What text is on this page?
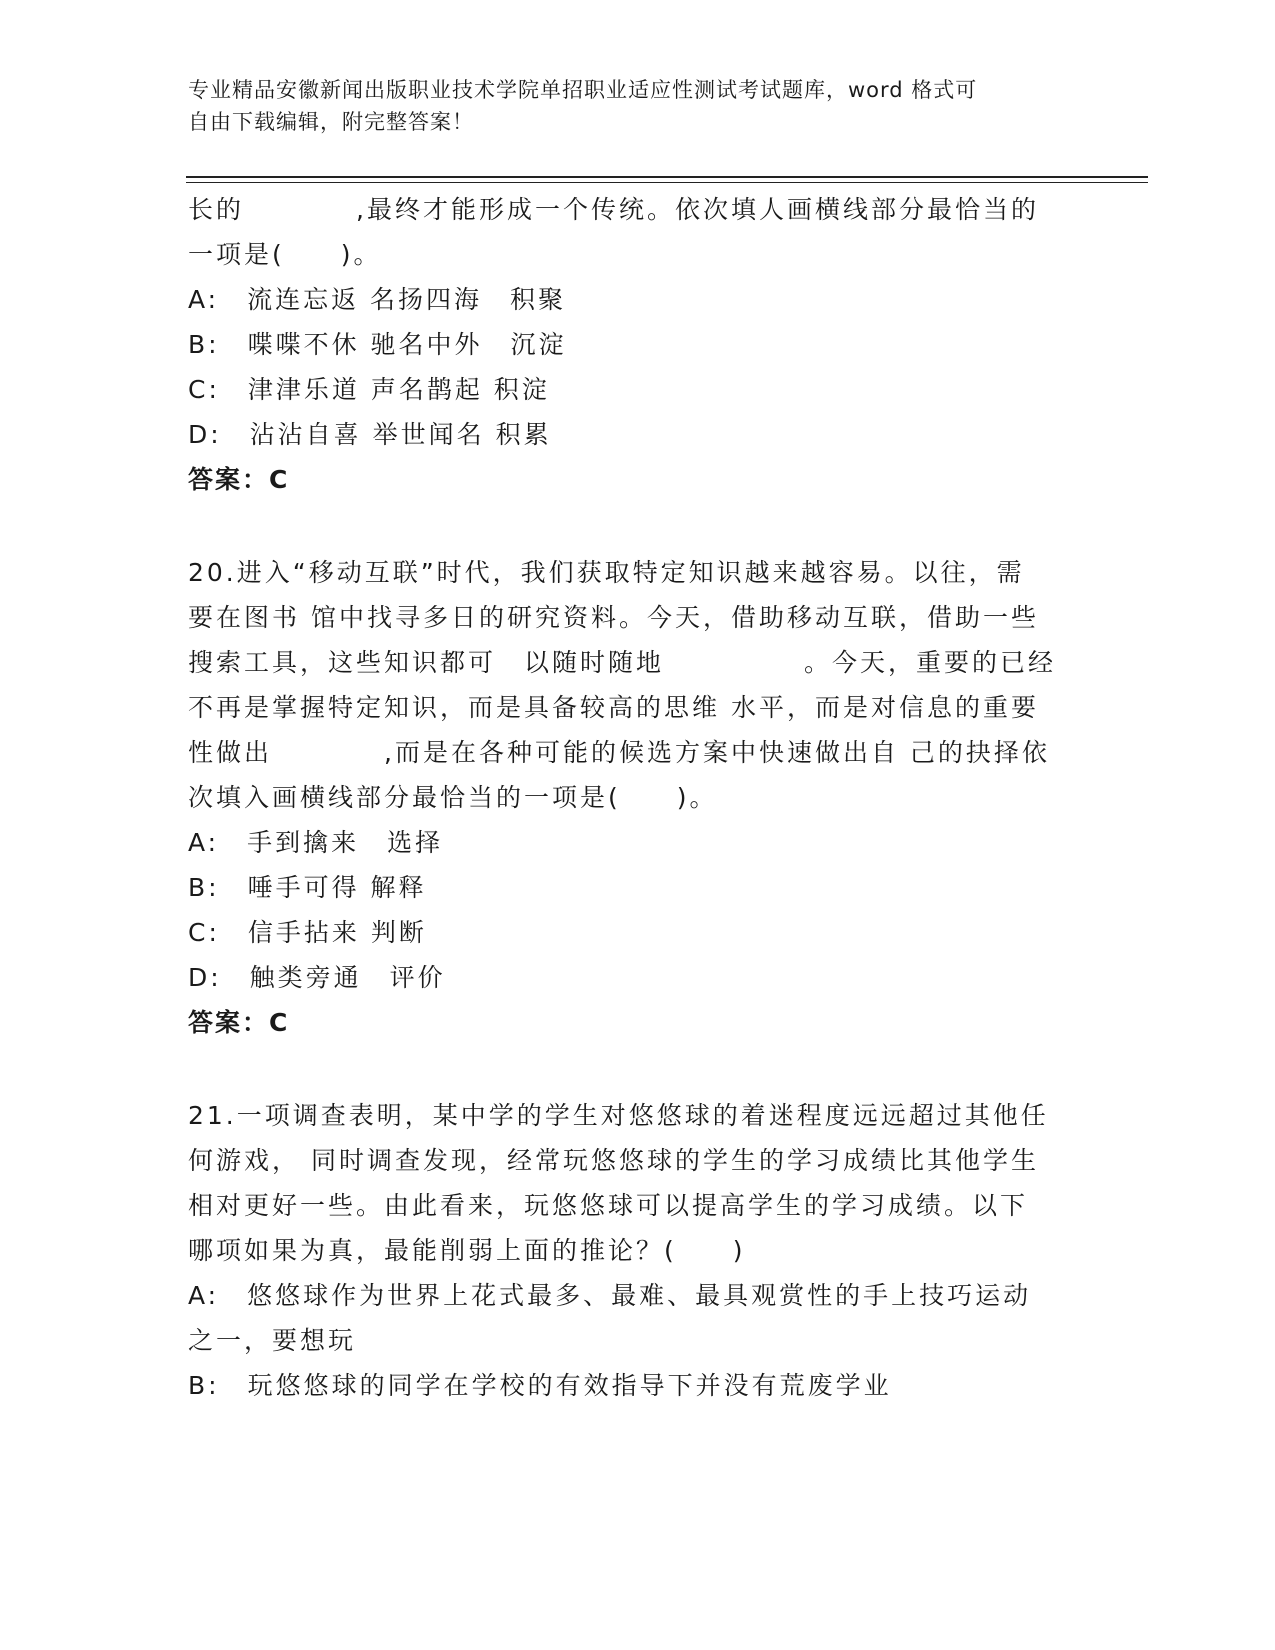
专业精品安徽新闻出版职业技术学院单招职业适应性测试考试题库，word 格式可
自由下载编辑，附完整答案！
长的　　　　,最终才能形成一个传统。依次填人画横线部分最恰当的
一项是(　　)。
A:　流连忘返 名扬四海　积聚
B:　喋喋不休 驰名中外　沉淀
C:　津津乐道 声名鹊起 积淀
D:　沾沾自喜 举世闻名 积累
答案：C
20.进入“移动互联”时代，我们获取特定知识越来越容易。以往，需
要在图书 馆中找寻多日的研究资料。今天，借助移动互联，借助一些
搜索工具，这些知识都可　以随时随地　　　　　。今天，重要的已经
不再是掌握特定知识，而是具备较高的思维 水平，而是对信息的重要
性做出　　　　,而是在各种可能的候选方案中快速做出自 己的抉择依
次填入画横线部分最恰当的一项是(　　)。
A:　手到擒来　选择
B:　唾手可得 解释
C:　信手拈来 判断
D:　触类旁通　评价
答案：C
21.一项调查表明，某中学的学生对悠悠球的着迷程度远远超过其他任
何游戏， 同时调查发现，经常玩悠悠球的学生的学习成绩比其他学生
相对更好一些。由此看来，玩悠悠球可以提高学生的学习成绩。以下
哪项如果为真，最能削弱上面的推论？(　　)
A:　悠悠球作为世界上花式最多、最难、最具观赏性的手上技巧运动
之一，要想玩
B:　玩悠悠球的同学在学校的有效指导下并没有荒废学业
